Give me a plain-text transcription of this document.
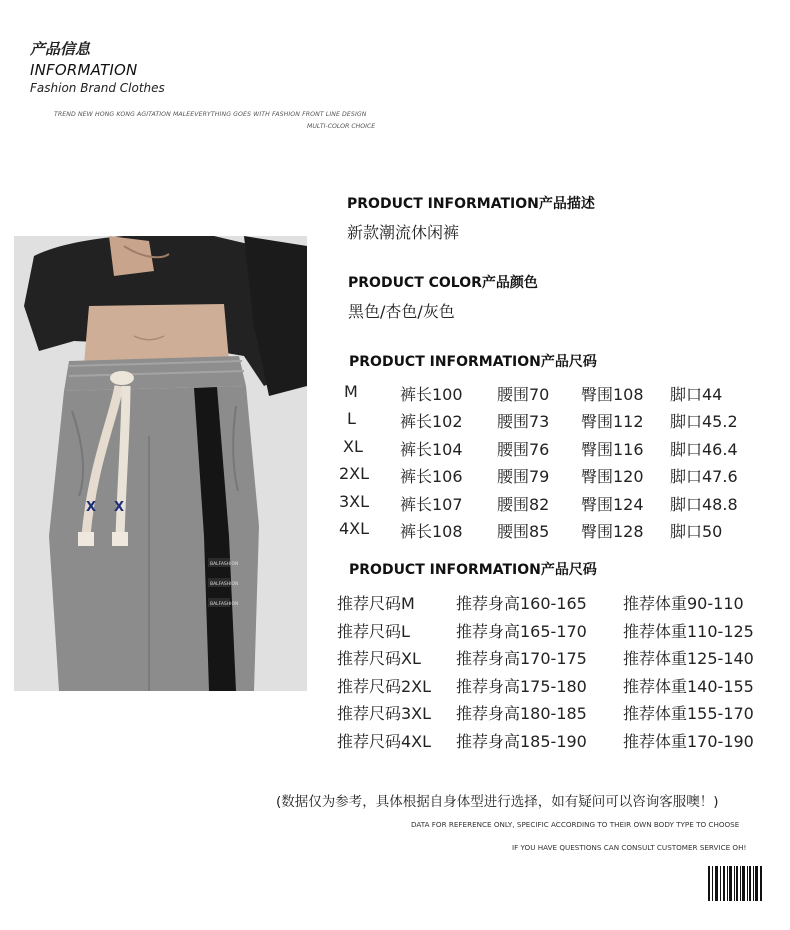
产品信息
INFORMATION
Fashion Brand Clothes
TREND NEW HONG KONG AGITATION MALEEVERYTHING GOES WITH FASHION FRONT LINE DESIGN
MULTI-COLOR CHOICE
X X
BALFASHION
BALFASHION
BALFASHION
PRODUCT INFORMATION产品描述
新款潮流休闲裤
PRODUCT COLOR产品颜色
黑色/杏色/灰色
PRODUCT INFORMATION产品尺码
M	裤长100 腰围70 臀围108 脚口44
L	裤长102 腰围73 臀围112 脚口45.2
XL 裤长104 腰围76 臀围116 脚口46.4
2XL 裤长106 腰围79 臀围120 脚口47.6
3XL 裤长107 腰围82 臀围124 脚口48.8
4XL 裤长108 腰围85 臀围128 脚口50
PRODUCT INFORMATION产品尺码
推荐尺码M	推荐身高160-165 推荐体重90-110
推荐尺码L	推荐身高165-170 推荐体重110-125
推荐尺码XL 推荐身高170-175 推荐体重125-140
推荐尺码2XL 推荐身高175-180 推荐体重140-155
推荐尺码3XL 推荐身高180-185 推荐体重155-170
推荐尺码4XL 推荐身高185-190 推荐体重170-190
(数据仅为参考，具体根据自身体型进行选择，如有疑问可以咨询客服噢！)
DATA FOR REFERENCE ONLY, SPECIFIC ACCORDING TO THEIR OWN BODY TYPE TO CHOOSE
IF YOU HAVE QUESTIONS CAN CONSULT CUSTOMER SERVICE OH!
